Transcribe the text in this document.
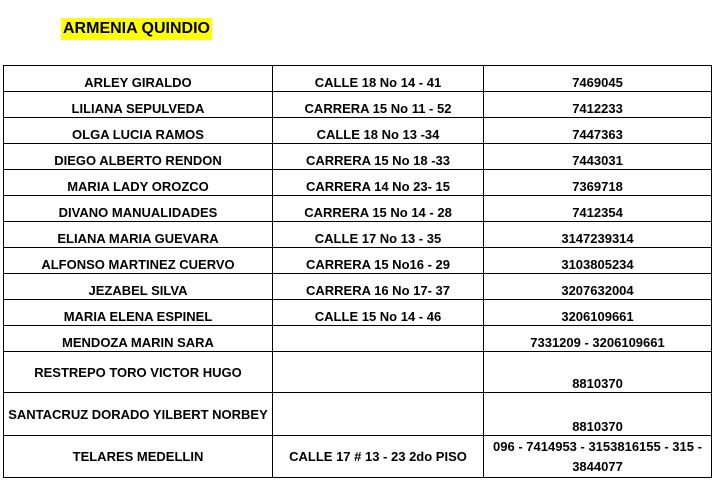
ARMENIA QUINDIO
ARLEY GIRALDO	CALLE 18 No 14 - 41	7469045
LILIANA SEPULVEDA	CARRERA 15 No 11 - 52	7412233
OLGA LUCIA RAMOS	CALLE 18 No 13 -34	7447363
DIEGO ALBERTO RENDON	CARRERA 15 No 18 -33	7443031
MARIA LADY OROZCO	CARRERA 14 No 23- 15	7369718
DIVANO MANUALIDADES	CARRERA 15 No 14 - 28	7412354
ELIANA MARIA GUEVARA	CALLE 17 No 13 - 35	3147239314
ALFONSO MARTINEZ CUERVO	CARRERA 15 No16 - 29	3103805234
JEZABEL SILVA	CARRERA 16 No 17- 37	3207632004
MARIA ELENA ESPINEL	CALLE 15 No 14 - 46	3206109661
MENDOZA MARIN SARA		7331209 - 3206109661
RESTREPO TORO VICTOR HUGO		8810370
SANTACRUZ DORADO YILBERT NORBEY		8810370
TELARES MEDELLIN	CALLE 17 # 13 - 23 2do PISO	096 - 7414953 - 3153816155 - 315 - 3844077
